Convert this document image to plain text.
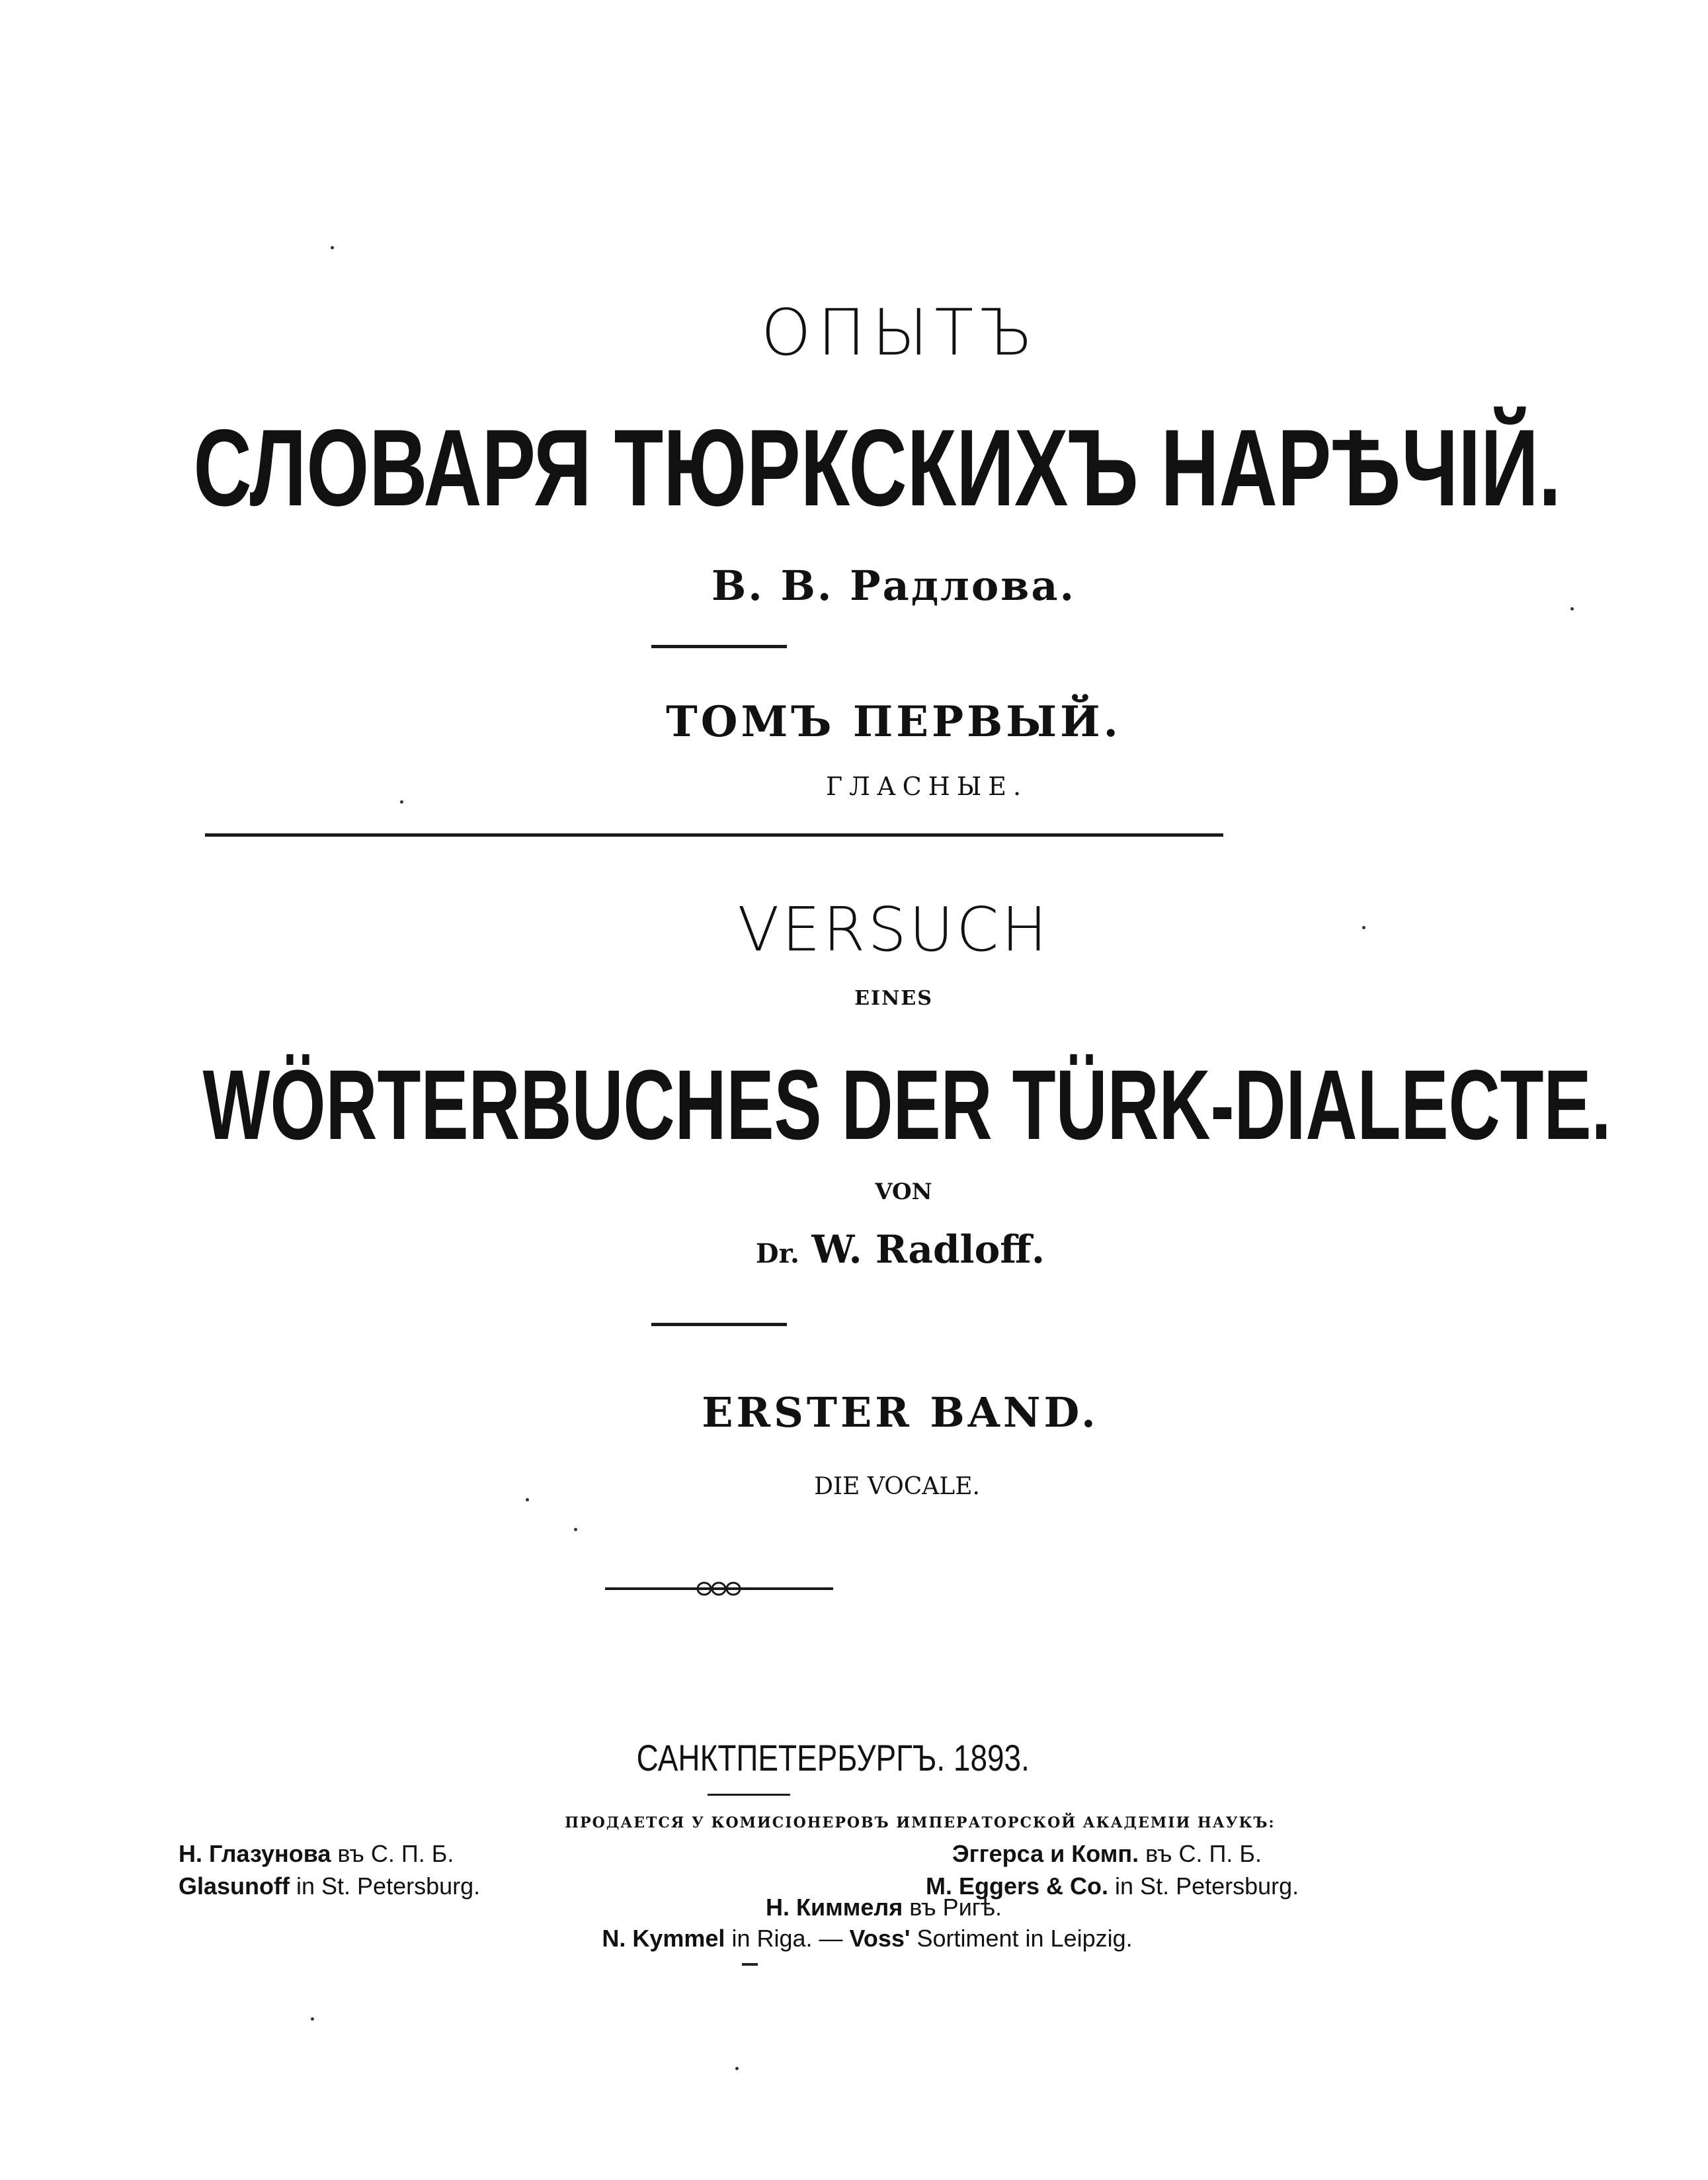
ОПЫТЪ
СЛОВАРЯ ТЮРКСКИХЪ НАРѢЧІЙ.
В. В. Радлова.
ТОМЪ ПЕРВЫЙ.
ГЛАСНЫЕ.
VERSUCH
EINES
WÖRTERBUCHES DER TÜRK-DIALECTE.
VON
Dr. W. Radloff.
ERSTER BAND.
DIE VOCALE.
САНКТПЕТЕРБУРГЪ. 1893.
ПРОДАЕТСЯ У КОМИСІОНЕРОВЪ ИМПЕРАТОРСКОЙ АКАДЕМІИ НАУКЪ:
Н. Глазунова въ С. П. Б.
Glasunoff in St. Petersburg.
Эггерса и Комп. въ С. П. Б.
M. Eggers & Co. in St. Petersburg.
Н. Киммеля въ Ригѣ.
N. Kymmel in Riga. — Voss' Sortiment in Leipzig.
